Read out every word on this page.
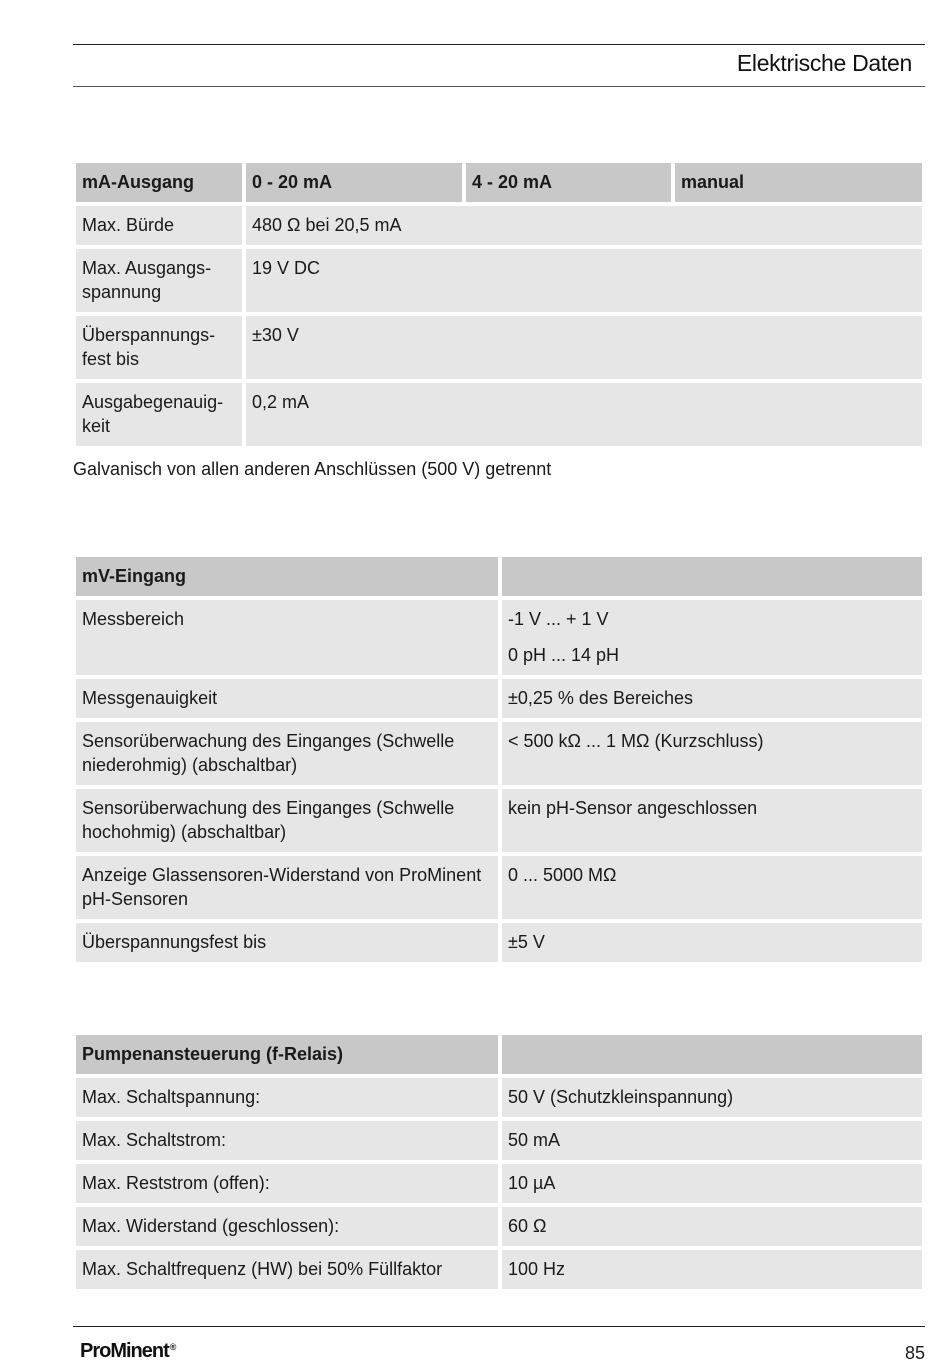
Elektrische Daten
mA-Ausgang	0 - 20 mA	4 - 20 mA	manual
Max. Bürde	480 Ω bei 20,5 mA		
Max. Ausgangsspannung	19 V DC		
Überspannungsfest bis	±30 V		
Ausgabegenauigkeit	0,2 mA		
Galvanisch von allen anderen Anschlüssen (500 V) getrennt
mV-Eingang	
Messbereich	-1 V ... + 1 V
0 pH ... 14 pH
Messgenauigkeit	±0,25 % des Bereiches
Sensorüberwachung des Einganges (Schwelle niederohmig) (abschaltbar)	< 500 kΩ ... 1 MΩ (Kurzschluss)
Sensorüberwachung des Einganges (Schwelle hochohmig) (abschaltbar)	kein pH-Sensor angeschlossen
Anzeige Glassensoren-Widerstand von ProMinent pH-Sensoren	0 ... 5000 MΩ
Überspannungsfest bis	±5 V
Pumpenansteuerung (f-Relais)	
Max. Schaltspannung:	50 V (Schutzkleinspannung)
Max. Schaltstrom:	50 mA
Max. Reststrom (offen):	10 µA
Max. Widerstand (geschlossen):	60 Ω
Max. Schaltfrequenz (HW) bei 50% Füllfaktor	100 Hz
ProMinent®	85
